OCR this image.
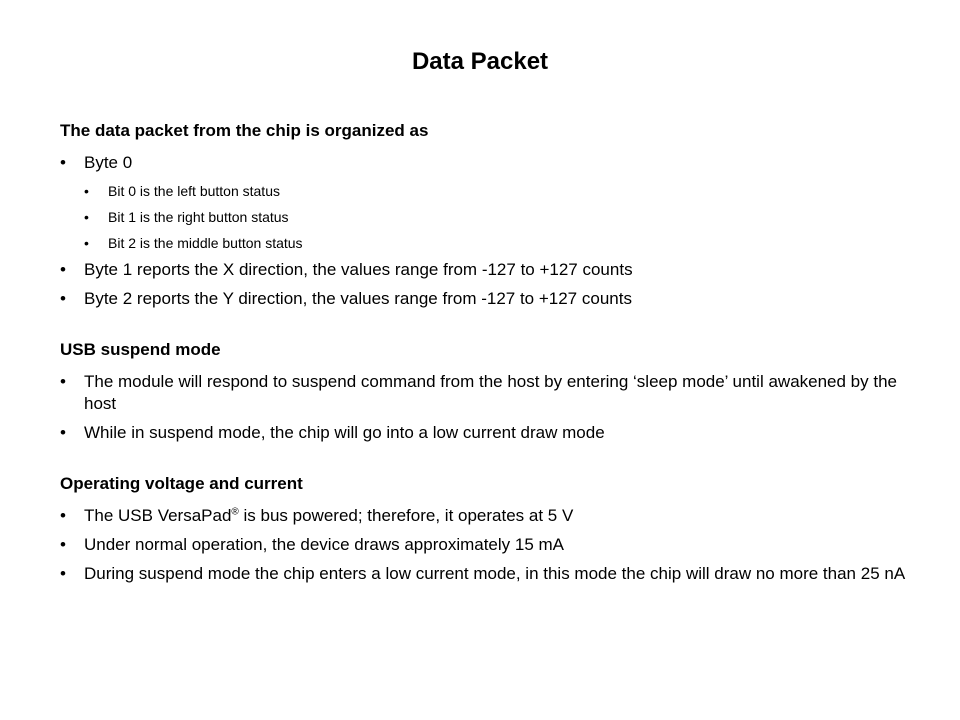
Data Packet
The data packet from the chip is organized as
• Byte 0
• Bit 0 is the left button status
• Bit 1 is the right button status
• Bit 2 is the middle button status
• Byte 1 reports the X direction, the values range from -127 to +127 counts
• Byte 2 reports the Y direction, the values range from -127 to +127 counts
USB suspend mode
• The module will respond to suspend command from the host by entering ‘sleep mode’ until awakened by the host
• While in suspend mode, the chip will go into a low current draw mode
Operating voltage and current
• The USB VersaPad® is bus powered; therefore, it operates at 5 V
• Under normal operation, the device draws approximately 15 mA
• During suspend mode the chip enters a low current mode, in this mode the chip will draw no more than 25 nA
